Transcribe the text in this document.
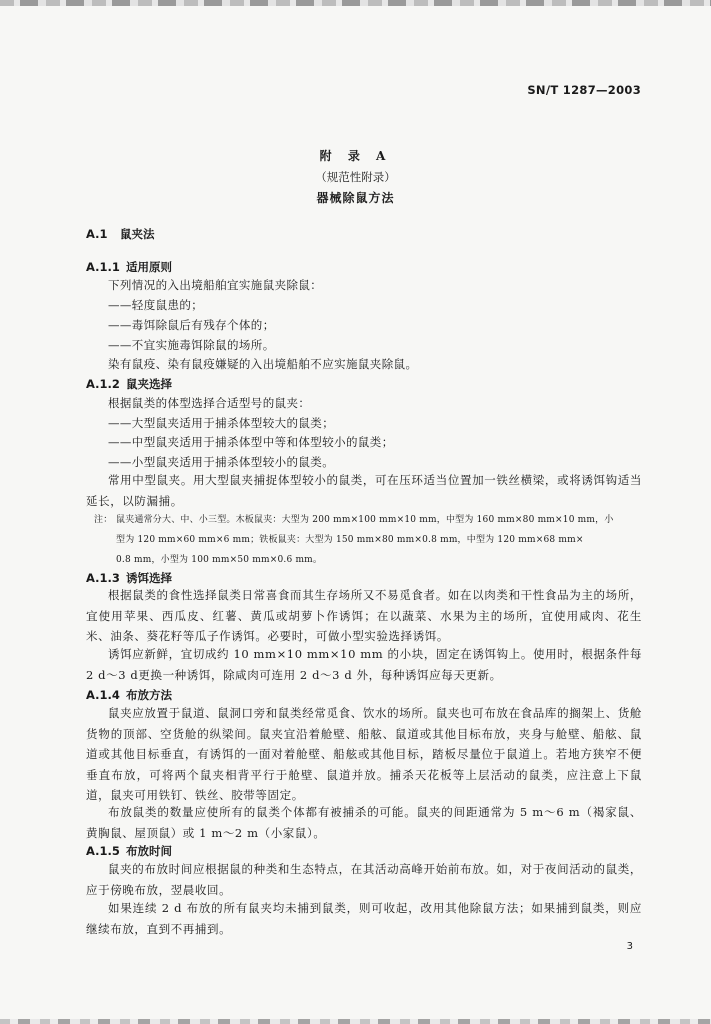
SN/T 1287—2003
附 录 A
（规范性附录）
器械除鼠方法
A.1 鼠夹法
A.1.1 适用原则
下列情况的入出境船舶宜实施鼠夹除鼠：
——轻度鼠患的；
——毒饵除鼠后有残存个体的；
——不宜实施毒饵除鼠的场所。
染有鼠疫、染有鼠疫嫌疑的入出境船舶不应实施鼠夹除鼠。
A.1.2 鼠夹选择
根据鼠类的体型选择合适型号的鼠夹：
——大型鼠夹适用于捕杀体型较大的鼠类；
——中型鼠夹适用于捕杀体型中等和体型较小的鼠类；
——小型鼠夹适用于捕杀体型较小的鼠类。
常用中型鼠夹。用大型鼠夹捕捉体型较小的鼠类，可在压环适当位置加一铁丝横梁，或将诱饵钩适当延长，以防漏捕。
注： 鼠夹通常分大、中、小三型。木板鼠夹：大型为 200 mm×100 mm×10 mm，中型为 160 mm×80 mm×10 mm，小
型为 120 mm×60 mm×6 mm；铁板鼠夹：大型为 150 mm×80 mm×0.8 mm，中型为 120 mm×68 mm×
0.8 mm，小型为 100 mm×50 mm×0.6 mm。
A.1.3 诱饵选择
根据鼠类的食性选择鼠类日常喜食而其生存场所又不易觅食者。如在以肉类和干性食品为主的场所，宜使用苹果、西瓜皮、红薯、黄瓜或胡萝卜作诱饵；在以蔬菜、水果为主的场所，宜使用咸肉、花生米、油条、葵花籽等瓜子作诱饵。必要时，可做小型实验选择诱饵。
诱饵应新鲜，宜切成约 10 mm×10 mm×10 mm 的小块，固定在诱饵钩上。使用时，根据条件每 2 d～3 d更换一种诱饵，除咸肉可连用 2 d～3 d 外，每种诱饵应每天更新。
A.1.4 布放方法
鼠夹应放置于鼠道、鼠洞口旁和鼠类经常觅食、饮水的场所。鼠夹也可布放在食品库的搁架上、货舱货物的顶部、空货舱的纵梁间。鼠夹宜沿着舱壁、船舷、鼠道或其他目标布放，夹身与舱壁、船舷、鼠道或其他目标垂直，有诱饵的一面对着舱壁、船舷或其他目标，踏板尽量位于鼠道上。若地方狭窄不便垂直布放，可将两个鼠夹相背平行于舱壁、鼠道并放。捕杀天花板等上层活动的鼠类，应注意上下鼠道，鼠夹可用铁钉、铁丝、胶带等固定。
布放鼠类的数量应使所有的鼠类个体都有被捕杀的可能。鼠夹的间距通常为 5 m～6 m（褐家鼠、黄胸鼠、屋顶鼠）或 1 m～2 m（小家鼠）。
A.1.5 布放时间
鼠夹的布放时间应根据鼠的种类和生态特点，在其活动高峰开始前布放。如，对于夜间活动的鼠类，应于傍晚布放，翌晨收回。
如果连续 2 d 布放的所有鼠夹均未捕到鼠类，则可收起，改用其他除鼠方法；如果捕到鼠类，则应继续布放，直到不再捕到。
3
